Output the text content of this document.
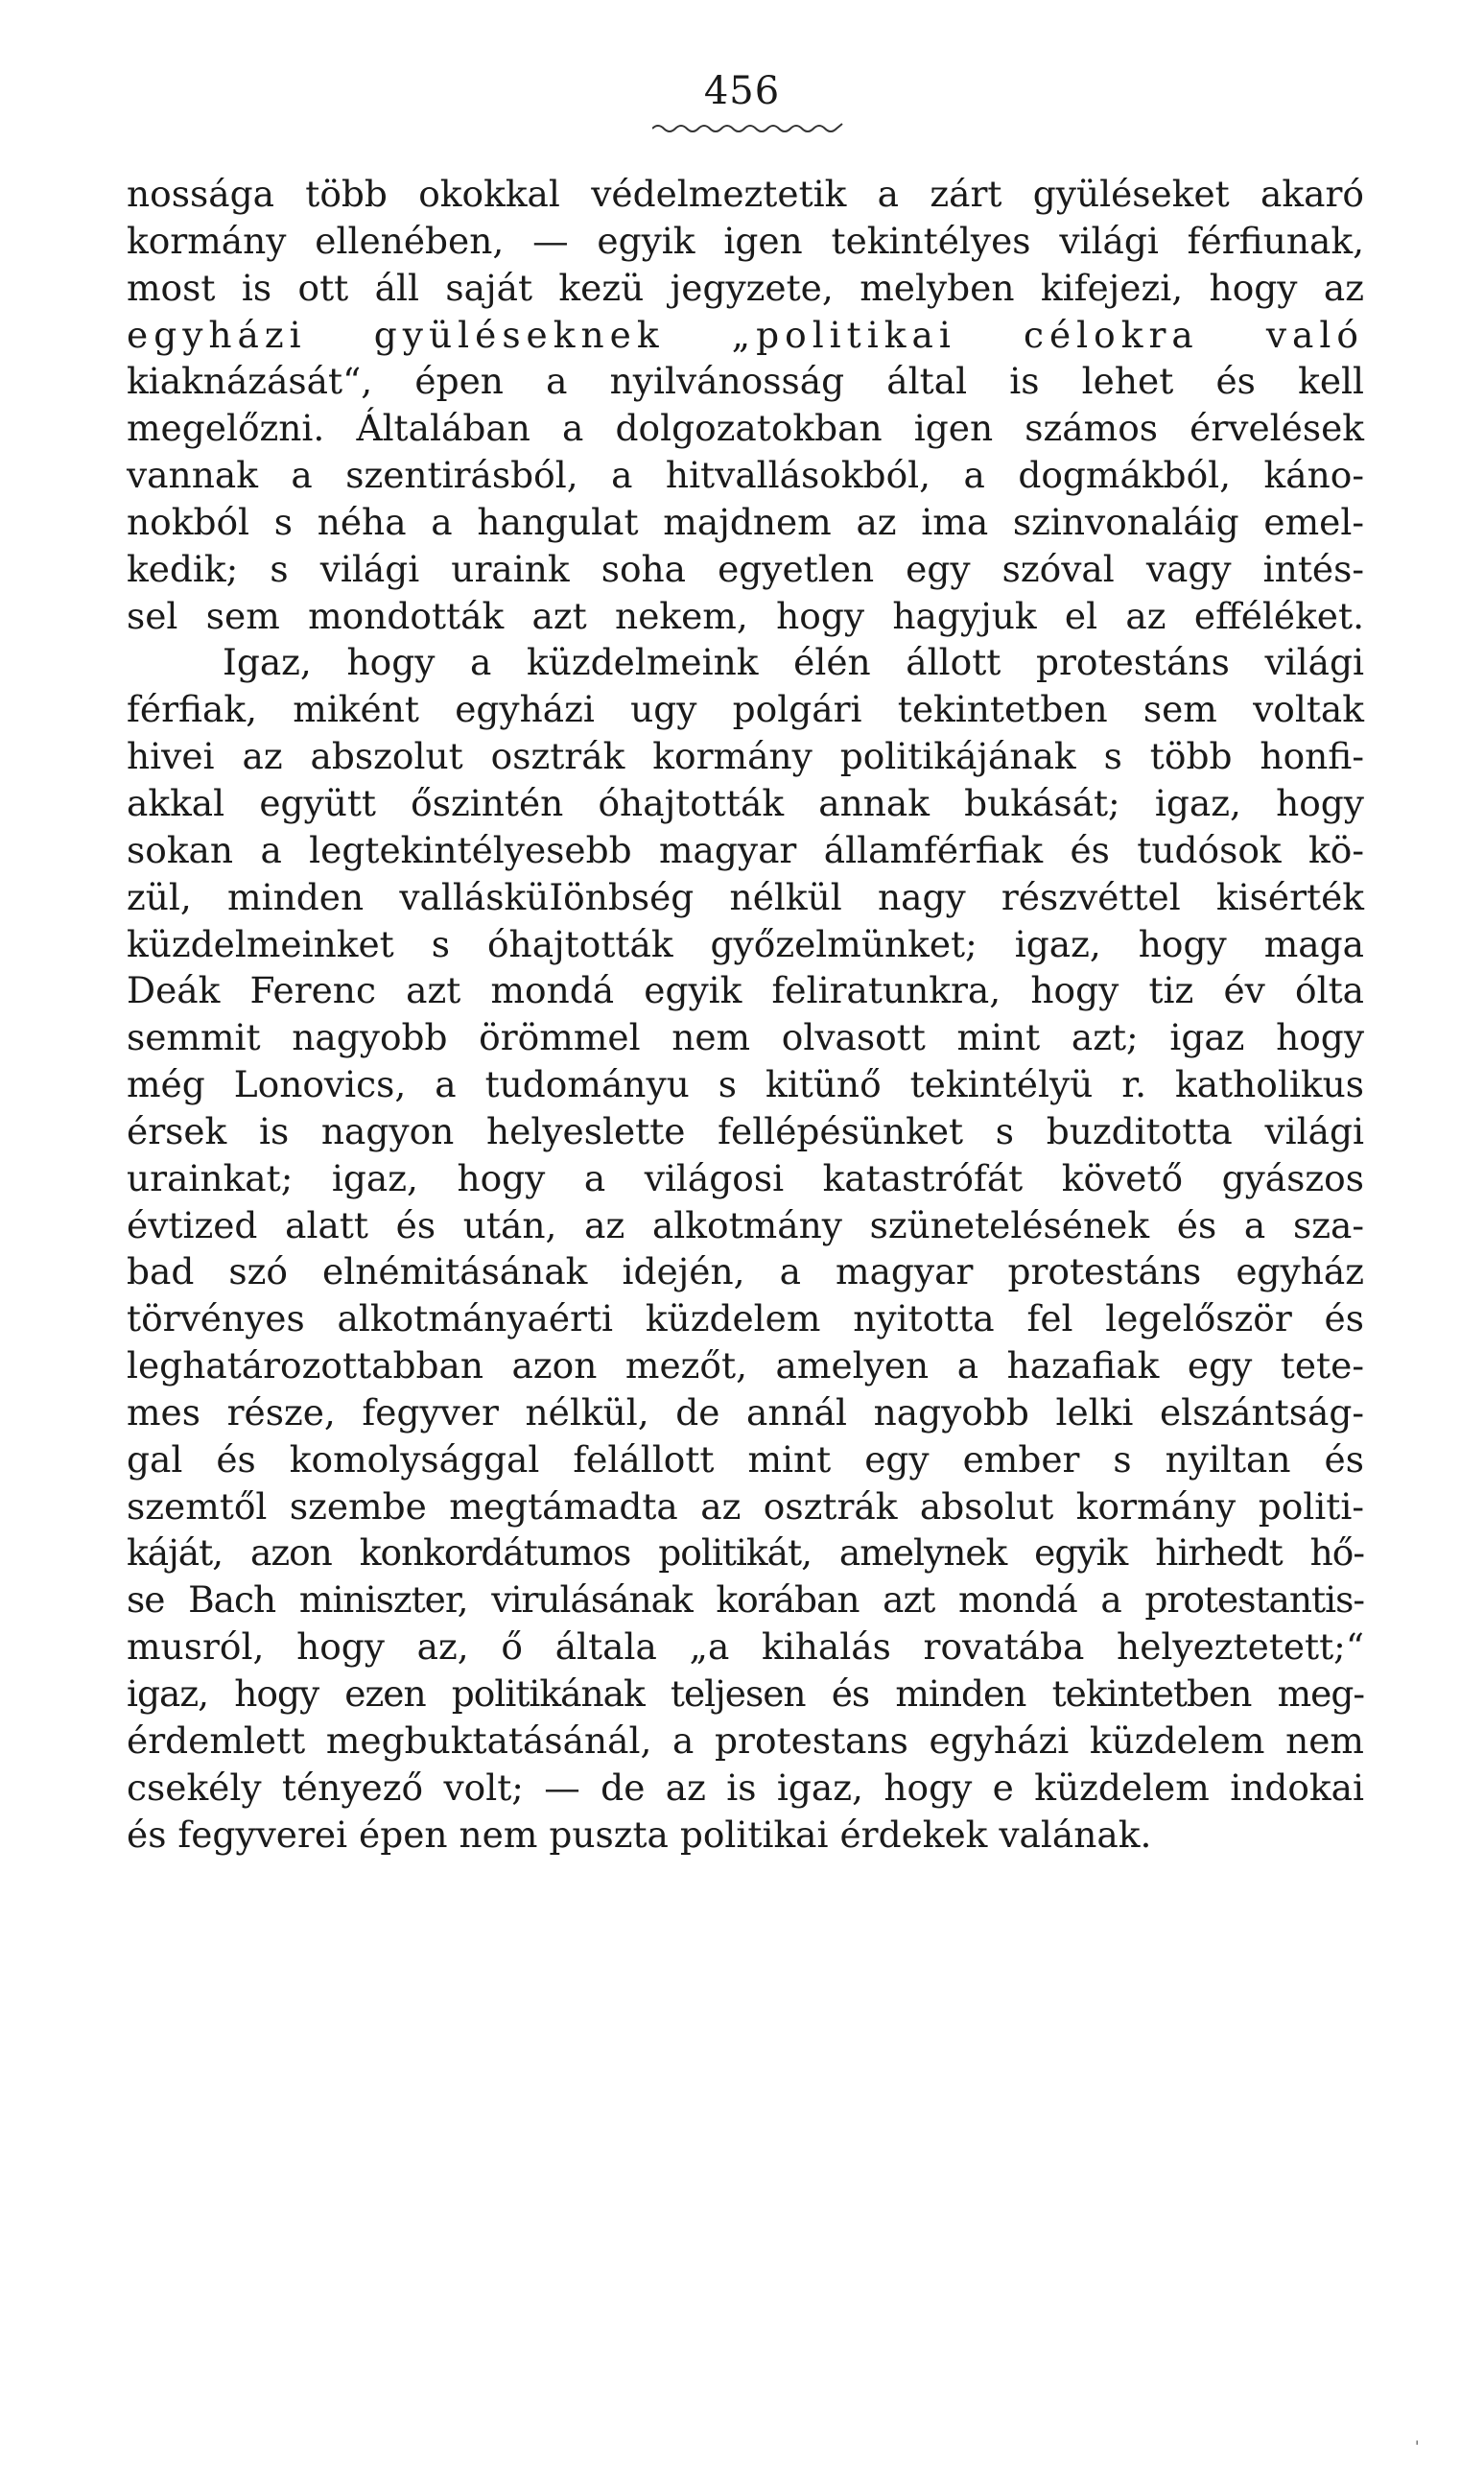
456
nossága több okokkal védelmeztetik a zárt gyüléseket akaró
kormány ellenében, — egyik igen tekintélyes világi férfiunak,
most is ott áll saját kezü jegyzete, melyben kifejezi, hogy az
egyházi gyüléseknek „politikai célokra való
kiaknázását“, épen a nyilvánosság által is lehet és kell
megelőzni. Általában a dolgozatokban igen számos érvelések
vannak a szentirásból, a hitvallásokból, a dogmákból, káno-
nokból s néha a hangulat majdnem az ima szinvonaláig emel-
kedik; s világi uraink soha egyetlen egy szóval vagy intés-
sel sem mondották azt nekem, hogy hagyjuk el az efféléket.
Igaz, hogy a küzdelmeink élén állott protestáns világi
férfiak, miként egyházi ugy polgári tekintetben sem voltak
hivei az abszolut osztrák kormány politikájának s több honfi-
akkal együtt őszintén óhajtották annak bukását; igaz, hogy
sokan a legtekintélyesebb magyar államférfiak és tudósok kö-
zül, minden vallásküIönbség nélkül nagy részvéttel kisérték
küzdelmeinket s óhajtották győzelmünket; igaz, hogy maga
Deák Ferenc azt mondá egyik feliratunkra, hogy tiz év ólta
semmit nagyobb örömmel nem olvasott mint azt; igaz hogy
még Lonovics, a tudományu s kitünő tekintélyü r. katholikus
érsek is nagyon helyeslette fellépésünket s buzditotta világi
urainkat; igaz, hogy a világosi katastrófát követő gyászos
évtized alatt és után, az alkotmány szünetelésének és a sza-
bad szó elnémitásának idején, a magyar protestáns egyház
törvényes alkotmányaérti küzdelem nyitotta fel legelőször és
leghatározottabban azon mezőt, amelyen a hazafiak egy tete-
mes része, fegyver nélkül, de annál nagyobb lelki elszántság-
gal és komolysággal felállott mint egy ember s nyiltan és
szemtől szembe megtámadta az osztrák absolut kormány politi-
káját, azon konkordátumos politikát, amelynek egyik hirhedt hő-
se Bach miniszter, virulásának korában azt mondá a protestantis-
musról, hogy az, ő általa „a kihalás rovatába helyeztetett;“
igaz, hogy ezen politikának teljesen és minden tekintetben meg-
érdemlett megbuktatásánál, a protestans egyházi küzdelem nem
csekély tényező volt; — de az is igaz, hogy e küzdelem indokai
és fegyverei épen nem puszta politikai érdekek valának.
'
